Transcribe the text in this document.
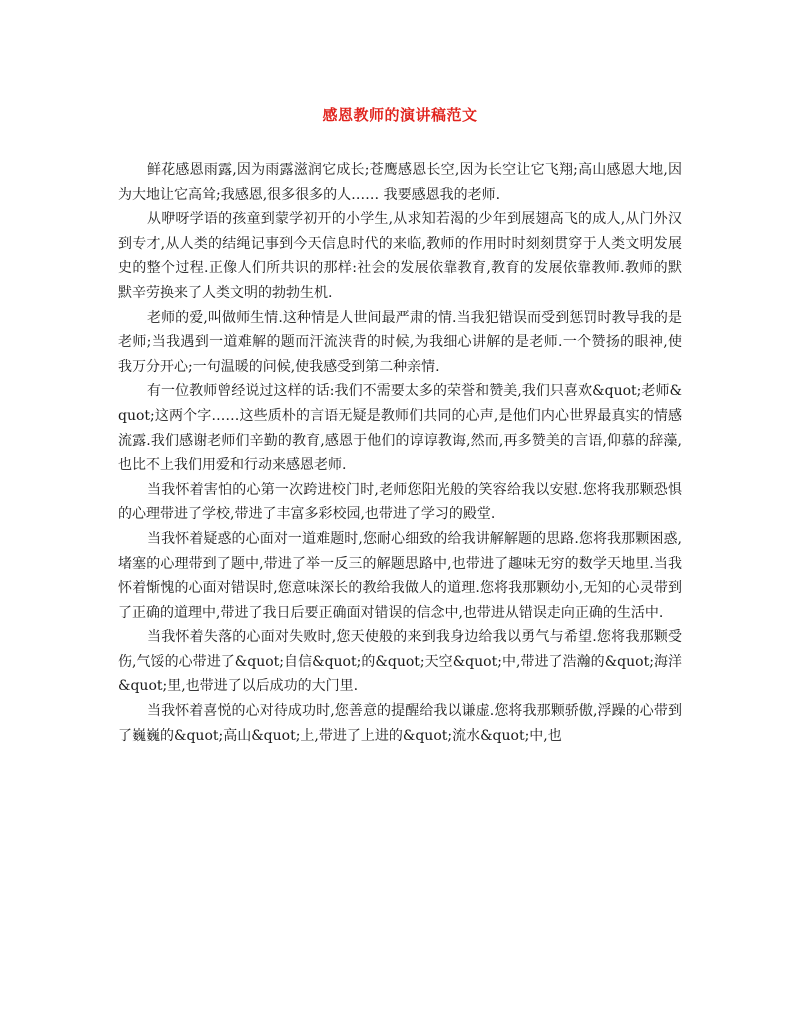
感恩教师的演讲稿范文

鲜花感恩雨露,因为雨露滋润它成长;苍鹰感恩长空,因为长空让它飞翔;高山感恩大地,因为大地让它高耸;我感恩,很多很多的人…… 我要感恩我的老师.

从咿呀学语的孩童到蒙学初开的小学生,从求知若渴的少年到展翅高飞的成人,从门外汉到专才,从人类的结绳记事到今天信息时代的来临,教师的作用时时刻刻贯穿于人类文明发展史的整个过程.正像人们所共识的那样:社会的发展依靠教育,教育的发展依靠教师.教师的默默辛劳换来了人类文明的勃勃生机.

老师的爱,叫做师生情.这种情是人世间最严肃的情.当我犯错误而受到惩罚时教导我的是老师;当我遇到一道难解的题而汗流浃背的时候,为我细心讲解的是老师.一个赞扬的眼神,使我万分开心;一句温暖的问候,使我感受到第二种亲情.

有一位教师曾经说过这样的话:我们不需要太多的荣誉和赞美,我们只喜欢&quot;老师&quot;这两个字……这些质朴的言语无疑是教师们共同的心声,是他们内心世界最真实的情感流露.我们感谢老师们辛勤的教育,感恩于他们的谆谆教诲,然而,再多赞美的言语,仰慕的辞藻,也比不上我们用爱和行动来感恩老师.

当我怀着害怕的心第一次跨进校门时,老师您阳光般的笑容给我以安慰.您将我那颗恐惧的心理带进了学校,带进了丰富多彩校园,也带进了学习的殿堂.

当我怀着疑惑的心面对一道难题时,您耐心细致的给我讲解解题的思路.您将我那颗困惑,堵塞的心理带到了题中,带进了举一反三的解题思路中,也带进了趣味无穷的数学天地里.当我怀着惭愧的心面对错误时,您意味深长的教给我做人的道理.您将我那颗幼小,无知的心灵带到了正确的道理中,带进了我日后要正确面对错误的信念中,也带进从错误走向正确的生活中.

当我怀着失落的心面对失败时,您天使般的来到我身边给我以勇气与希望.您将我那颗受伤,气馁的心带进了&quot;自信&quot;的&quot;天空&quot;中,带进了浩瀚的&quot;海洋&quot;里,也带进了以后成功的大门里.

当我怀着喜悦的心对待成功时,您善意的提醒给我以谦虚.您将我那颗骄傲,浮躁的心带到了巍巍的&quot;高山&quot;上,带进了上进的&quot;流水&quot;中,也
